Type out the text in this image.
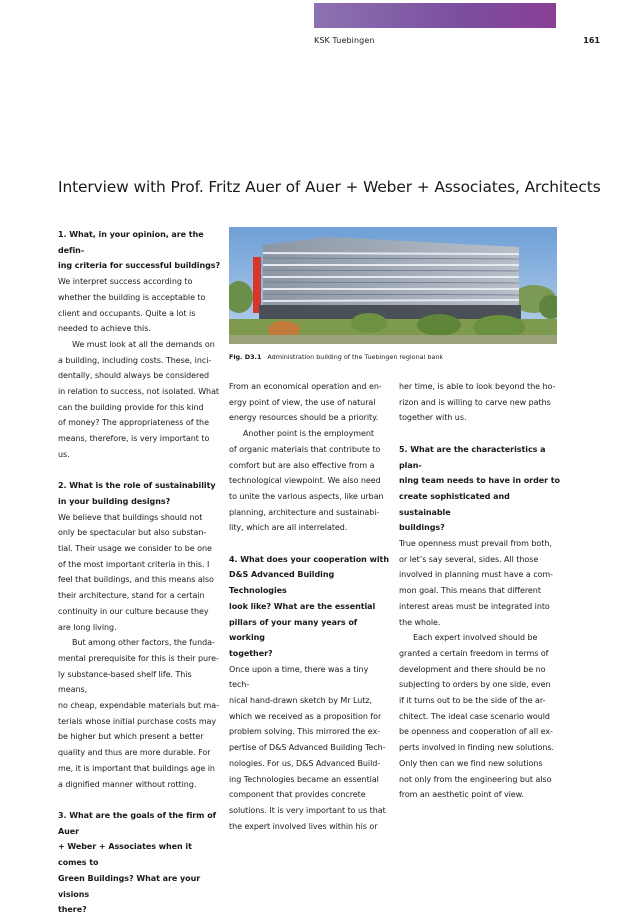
KSK Tuebingen	161
Interview with Prof. Fritz Auer of Auer + Weber + Associates, Architects
1. What, in your opinion, are the defin-
ing criteria for successful buildings?
We interpret success according to
whether the building is acceptable to
client and occupants. Quite a lot is
needed to achieve this.
We must look at all the demands on
a building, including costs. These, inci-
dentally, should always be considered
in relation to success, not isolated. What
can the building provide for this kind
of money? The appropriateness of the
means, therefore, is very important to us.
2. What is the role of sustainability
in your building designs?
We believe that buildings should not
only be spectacular but also substan-
tial. Their usage we consider to be one
of the most important criteria in this. I
feel that buildings, and this means also
their architecture, stand for a certain
continuity in our culture because they
are long living.
But among other factors, the funda-
mental prerequisite for this is their pure-
ly substance-based shelf life. This means,
no cheap, expendable materials but ma-
terials whose initial purchase costs may
be higher but which present a better
quality and thus are more durable. For
me, it is important that buildings age in
a dignified manner without rotting.
3. What are the goals of the firm of Auer
+ Weber + Associates when it comes to
Green Buildings? What are your visions
there?
Fig. D3.1 Administration building of the Tuebingen regional bank
From an economical operation and en-
ergy point of view, the use of natural
energy resources should be a priority.
Another point is the employment
of organic materials that contribute to
comfort but are also effective from a
technological viewpoint. We also need
to unite the various aspects, like urban
planning, architecture and sustainabi-
lity, which are all interrelated.
4. What does your cooperation with
D&S Advanced Building Technologies
look like? What are the essential
pillars of your many years of working
together?
Once upon a time, there was a tiny tech-
nical hand-drawn sketch by Mr Lutz,
which we received as a proposition for
problem solving. This mirrored the ex-
pertise of D&S Advanced Building Tech-
nologies. For us, D&S Advanced Build-
ing Technologies became an essential
component that provides concrete
solutions. It is very important to us that
the expert involved lives within his or
her time, is able to look beyond the ho-
rizon and is willing to carve new paths
together with us.
5. What are the characteristics a plan-
ning team needs to have in order to
create sophisticated and sustainable
buildings?
True openness must prevail from both,
or let’s say several, sides. All those
involved in planning must have a com-
mon goal. This means that different
interest areas must be integrated into
the whole.
Each expert involved should be
granted a certain freedom in terms of
development and there should be no
subjecting to orders by one side, even
if it turns out to be the side of the ar-
chitect. The ideal case scenario would
be openness and cooperation of all ex-
perts involved in finding new solutions.
Only then can we find new solutions
not only from the engineering but also
from an aesthetic point of view.
